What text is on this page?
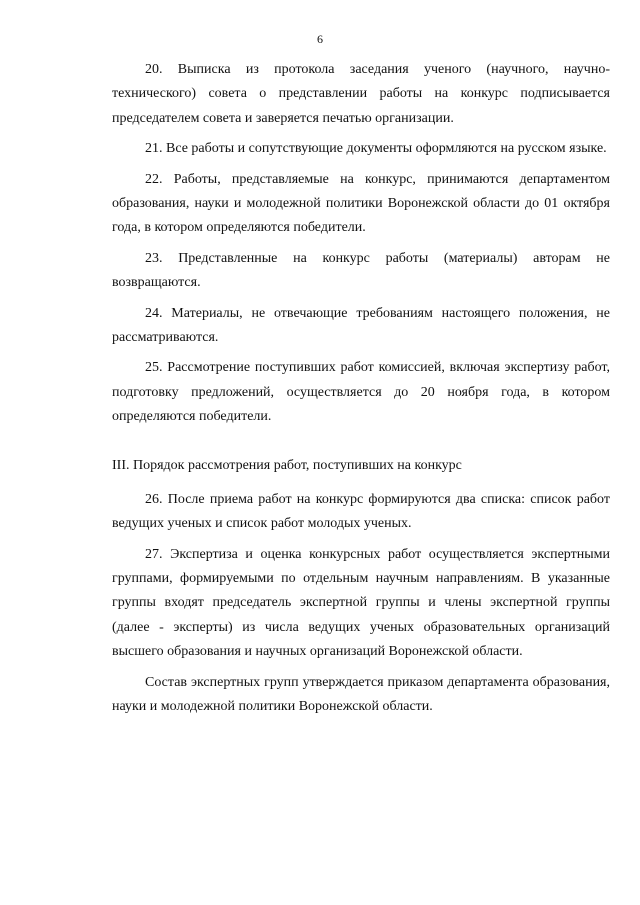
6

20. Выписка из протокола заседания ученого (научного, научно-технического) совета о представлении работы на конкурс подписывается председателем совета и заверяется печатью организации.

21. Все работы и сопутствующие документы оформляются на русском языке.

22. Работы, представляемые на конкурс, принимаются департаментом образования, науки и молодежной политики Воронежской области до 01 октября года, в котором определяются победители.

23. Представленные на конкурс работы (материалы) авторам не возвращаются.

24. Материалы, не отвечающие требованиям настоящего положения, не рассматриваются.

25. Рассмотрение поступивших работ комиссией, включая экспертизу работ, подготовку предложений, осуществляется до 20 ноября года, в котором определяются победители.

III. Порядок рассмотрения работ, поступивших на конкурс

26. После приема работ на конкурс формируются два списка: список работ ведущих ученых и список работ молодых ученых.

27. Экспертиза и оценка конкурсных работ осуществляется экспертными группами, формируемыми по отдельным научным направлениям. В указанные группы входят председатель экспертной группы и члены экспертной группы (далее - эксперты) из числа ведущих ученых образовательных организаций высшего образования и научных организаций Воронежской области.

Состав экспертных групп утверждается приказом департамента образования, науки и молодежной политики Воронежской области.
